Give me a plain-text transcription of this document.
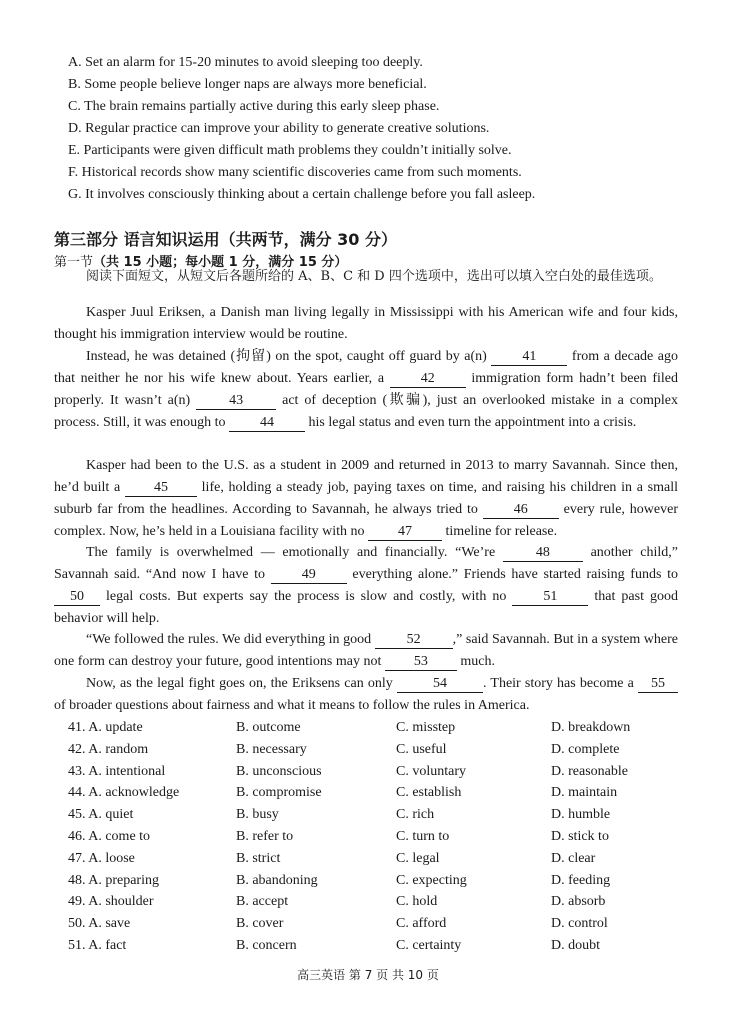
A. Set an alarm for 15-20 minutes to avoid sleeping too deeply.
B. Some people believe longer naps are always more beneficial.
C. The brain remains partially active during this early sleep phase.
D. Regular practice can improve your ability to generate creative solutions.
E. Participants were given difficult math problems they couldn’t initially solve.
F. Historical records show many scientific discoveries came from such moments.
G. It involves consciously thinking about a certain challenge before you fall asleep.
第三部分 语言知识运用（共两节，满分 30 分）
第一节（共 15 小题；每小题 1 分，满分 15 分）
阅读下面短文，从短文后各题所给的 A、B、C 和 D 四个选项中，选出可以填入空白处的最佳选项。
Kasper Juul Eriksen, a Danish man living legally in Mississippi with his American wife and four kids, thought his immigration interview would be routine.
Instead, he was detained (拘留) on the spot, caught off guard by a(n) 41 from a decade ago that neither he nor his wife knew about. Years earlier, a 42 immigration form hadn’t been filed properly. It wasn’t a(n) 43 act of deception (欺骗), just an overlooked mistake in a complex process. Still, it was enough to 44 his legal status and even turn the appointment into a crisis.
Kasper had been to the U.S. as a student in 2009 and returned in 2013 to marry Savannah. Since then, he’d built a 45 life, holding a steady job, paying taxes on time, and raising his children in a small suburb far from the headlines. According to Savannah, he always tried to 46 every rule, however complex. Now, he’s held in a Louisiana facility with no 47 timeline for release.
The family is overwhelmed — emotionally and financially. “We’re 48 another child,” Savannah said. “And now I have to 49 everything alone.” Friends have started raising funds to 50 legal costs. But experts say the process is slow and costly, with no 51 that past good behavior will help.
“We followed the rules. We did everything in good 52 ,” said Savannah. But in a system where one form can destroy your future, good intentions may not 53 much.
Now, as the legal fight goes on, the Eriksens can only	54	. Their story has become a 55 of broader questions about fairness and what it means to follow the rules in America.
41. A. update	B. outcome	C. misstep	D. breakdown
42. A. random	B. necessary	C. useful	D. complete
43. A. intentional	B. unconscious	C. voluntary	D. reasonable
44. A. acknowledge	B. compromise	C. establish	D. maintain
45. A. quiet	B. busy	C. rich	D. humble
46. A. come to	B. refer to	C. turn to	D. stick to
47. A. loose	B. strict	C. legal	D. clear
48. A. preparing	B. abandoning	C. expecting	D. feeding
49. A. shoulder	B. accept	C. hold	D. absorb
50. A. save	B. cover	C. afford	D. control
51. A. fact	B. concern	C. certainty	D. doubt
高三英语 第 7 页 共 10 页
